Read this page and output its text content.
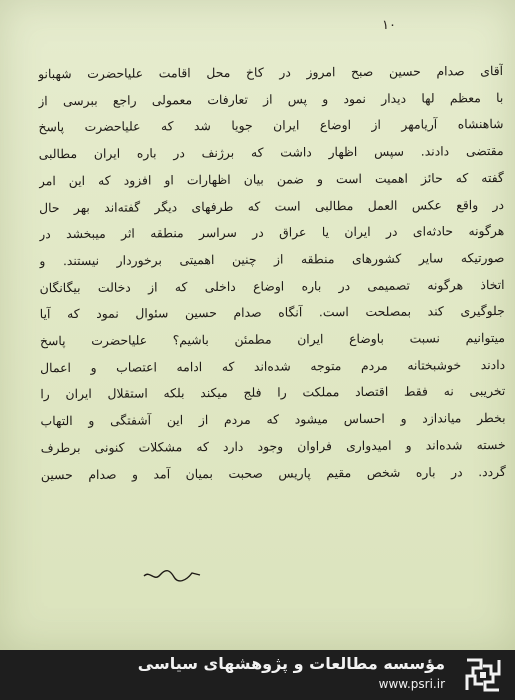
۱۰
آقای صدام حسین صبح امروز در کاخ محل اقامت علیاحضرت شهبانو
با معظم لها دیدار نمود و پس از تعارفات معمولی راجع ببرسی از
شاهنشاه آریامهر از اوضاع ایران جویا شد که علیاحضرت پاسخ
مقتضی دادند. سپس اظهار داشت که برژنف در باره ایران مطالبی
گفته که حائز اهمیت است و ضمن بیان اظهارات او افزود که این امر
در واقع عکس العمل مطالبی است که طرفهای دیگر گفته‌اند بهر حال
هرگونه حادثه‌ای در ایران یا عراق در سراسر منطقه اثر میبخشد در
صورتیکه سایر کشورهای منطقه از چنین اهمیتی برخوردار نیستند. و
اتخاذ هرگونه تصمیمی در باره اوضاع داخلی که از دخالت بیگانگان
جلوگیری کند بمصلحت است. آنگاه صدام حسین سئوال نمود که آیا
میتوانیم نسبت باوضاع ایران مطمئن باشیم؟ علیاحضرت پاسخ
دادند خوشبختانه مردم متوجه شده‌اند که ادامه اعتصاب و اعمال
تخریبی نه فقط اقتصاد مملکت را فلج میکند بلکه استقلال ایران را
بخطر میاندازد و احساس میشود که مردم از این آشفتگی و التهاب
خسته شده‌اند و امیدواری فراوان وجود دارد که مشکلات کنونی برطرف
گردد. در باره شخص مقیم پاریس صحبت بمیان آمد و صدام حسین
مؤسسه مطالعات و پژوهشهای سیاسی
www.psri.ir
